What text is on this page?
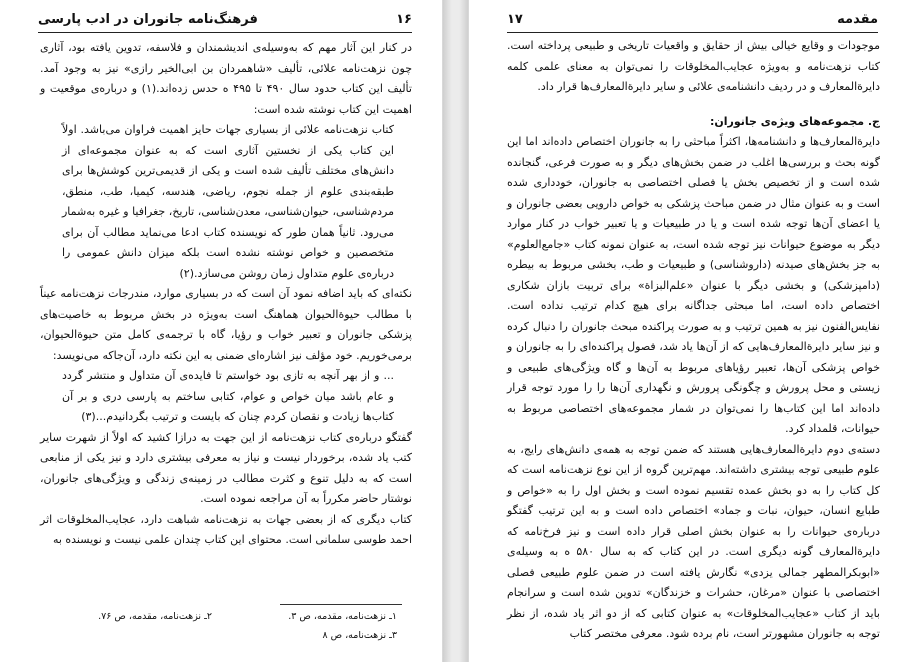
۱۶
فرهنگ‌نامه جانوران در ادب پارسی

در کنار این آثار مهم که به‌وسیله‌ی اندیشمندان و فلاسفه، تدوین یافته بود، آثاری چون نزهت‌نامه علائی، تألیف «شاهمردان بن ابی‌الخیر رازی» نیز به وجود آمد. تألیف این کتاب حدود سال ۴۹۰ تا ۴۹۵ ه حدس زده‌اند.(۱) و درباره‌ی موقعیت و اهمیت این کتاب نوشته شده است:

کتاب نزهت‌نامه علائی از بسیاری جهات حایز اهمیت فراوان می‌باشد. اولاً این کتاب یکی از نخستین آثاری است که به عنوان مجموعه‌ای از دانش‌های مختلف تألیف شده است و یکی از قدیمی‌ترین کوشش‌ها برای طبقه‌بندی علوم از جمله نجوم، ریاضی، هندسه، کیمیا، طب، منطق، مردم‌شناسی، حیوان‌شناسی، معدن‌شناسی، تاریخ، جغرافیا و غیره به‌شمار می‌رود. ثانیاً همان طور که نویسنده کتاب ادعا می‌نماید مطالب آن برای متخصصین و خواص نوشته نشده است بلکه میزان دانش عمومی را درباره‌ی علوم متداول زمان روشن می‌سازد.(۲)

نکته‌ای که باید اضافه نمود آن است که در بسیاری موارد، مندرجات نزهت‌نامه عیناً با مطالب حیوةالحیوان هماهنگ است به‌ویژه در بخش مربوط به خاصیت‌های پزشکی جانوران و تعبیر خواب و رؤیا، گاه با ترجمه‌ی کامل متن حیوةالحیوان، برمی‌خوریم. خود مؤلف نیز اشاره‌ای ضمنی به این نکته دارد، آن‌جاکه می‌نویسد:

... و از بهر آنچه به تازی بود خواستم تا فایده‌ی آن متداول و منتشر گردد و عام باشد میان خواص و عوام، کتابی ساختم به پارسی دری و بر آن کتاب‌ها زیادت و نقصان کردم چنان که بایست و ترتیب بگردانیدم...(۳)

گفتگو درباره‌ی کتاب نزهت‌نامه از این جهت به درازا کشید که اولاً از شهرت سایر کتب یاد شده، برخوردار نیست و نیاز به معرفی بیشتری دارد و نیز یکی از منابعی است که به دلیل تنوع و کثرت مطالب در زمینه‌ی زندگی و ویژگی‌های جانوران، نوشتار حاضر مکرراً به آن مراجعه نموده است.

کتاب دیگری که از بعضی جهات به نزهت‌نامه شباهت دارد، عجایب‌المخلوقات اثر احمد طوسی سلمانی است. محتوای این کتاب چندان علمی نیست و نویسنده به

۱ـ نزهت‌نامه، مقدمه، ص ۳.
۲ـ نزهت‌نامه، مقدمه، ص ۷۶.
۳ـ نزهت‌نامه، ص ۸
۱۷	مقدمه

موجودات و وقایع خیالی بیش از حقایق و واقعیات تاریخی و طبیعی پرداخته است. کتاب نزهت‌نامه و به‌ویژه عجایب‌المخلوقات را نمی‌توان به معنای علمی کلمه دایرةالمعارف و در ردیف دانشنامه‌ی علائی و سایر دایرةالمعارف‌ها قرار داد.

ج. مجموعه‌های ویژه‌ی جانوران:

دایرةالمعارف‌ها و دانشنامه‌ها، اکثراً مباحثی را به جانوران اختصاص داده‌اند اما این گونه بحث و بررسی‌ها اغلب در ضمن بخش‌های دیگر و به صورت فرعی، گنجانده شده است و از تخصیص بخش یا فصلی اختصاصی به جانوران، خودداری شده است و به عنوان مثال در ضمن مباحث پزشکی به خواص دارویی بعضی جانوران و یا اعضای آن‌ها توجه شده است و یا در طبیعیات و یا تعبیر خواب در کنار موارد دیگر به موضوع حیوانات نیز توجه شده است، به عنوان نمونه کتاب «جامع‌العلوم» به جز بخش‌های صیدنه (داروشناسی) و طبیعیات و طب، بخشی مربوط به بیطره (دامپزشکی) و بخشی دیگر با عنوان «علم‌البزاة» برای تربیت بازان شکاری اختصاص داده است، اما مبحثی جداگانه برای هیچ کدام ترتیب نداده است. نفایس‌الفنون نیز به همین ترتیب و به صورت پراکنده مبحث جانوران را دنبال کرده و نیز سایر دایرةالمعارف‌هایی که از آن‌ها یاد شد، فصول پراکنده‌ای را به جانوران و خواص پزشکی آن‌ها، تعبیر رؤیاهای مربوط به آن‌ها و گاه ویژگی‌های طبیعی و زیستی و محل پرورش و چگونگی پرورش و نگهداری آن‌ها را را مورد توجه قرار داده‌اند اما این کتاب‌ها را نمی‌توان در شمار مجموعه‌های اختصاصی مربوط به حیوانات، قلمداد کرد.

دسته‌ی دوم دایرةالمعارف‌هایی هستند که ضمن توجه به همه‌ی دانش‌های رایج، به علوم طبیعی توجه بیشتری داشته‌اند. مهم‌ترین گروه از این نوع نزهت‌نامه است که کل کتاب را به دو بخش عمده تقسیم نموده است و بخش اول را به «خواص و طبایع انسان، حیوان، نبات و جماد» اختصاص داده است و به این ترتیب گفتگو درباره‌ی حیوانات را به عنوان بخش اصلی قرار داده است و نیز فرخ‌نامه که دایرةالمعارف گونه دیگری است. در این کتاب که به سال ۵۸۰ ه به وسیله‌ی «ابوبکرالمطهر جمالی یزدی» نگارش یافته است در ضمن علوم طبیعی فصلی اختصاصی با عنوان «مرغان، حشرات و خزندگان» تدوین شده است و سرانجام باید از کتاب «عجایب‌المخلوقات» به عنوان کتابی که از دو اثر یاد شده، از نظر توجه به جانوران مشهورتر است، نام برده شود. معرفی مختصر کتاب
